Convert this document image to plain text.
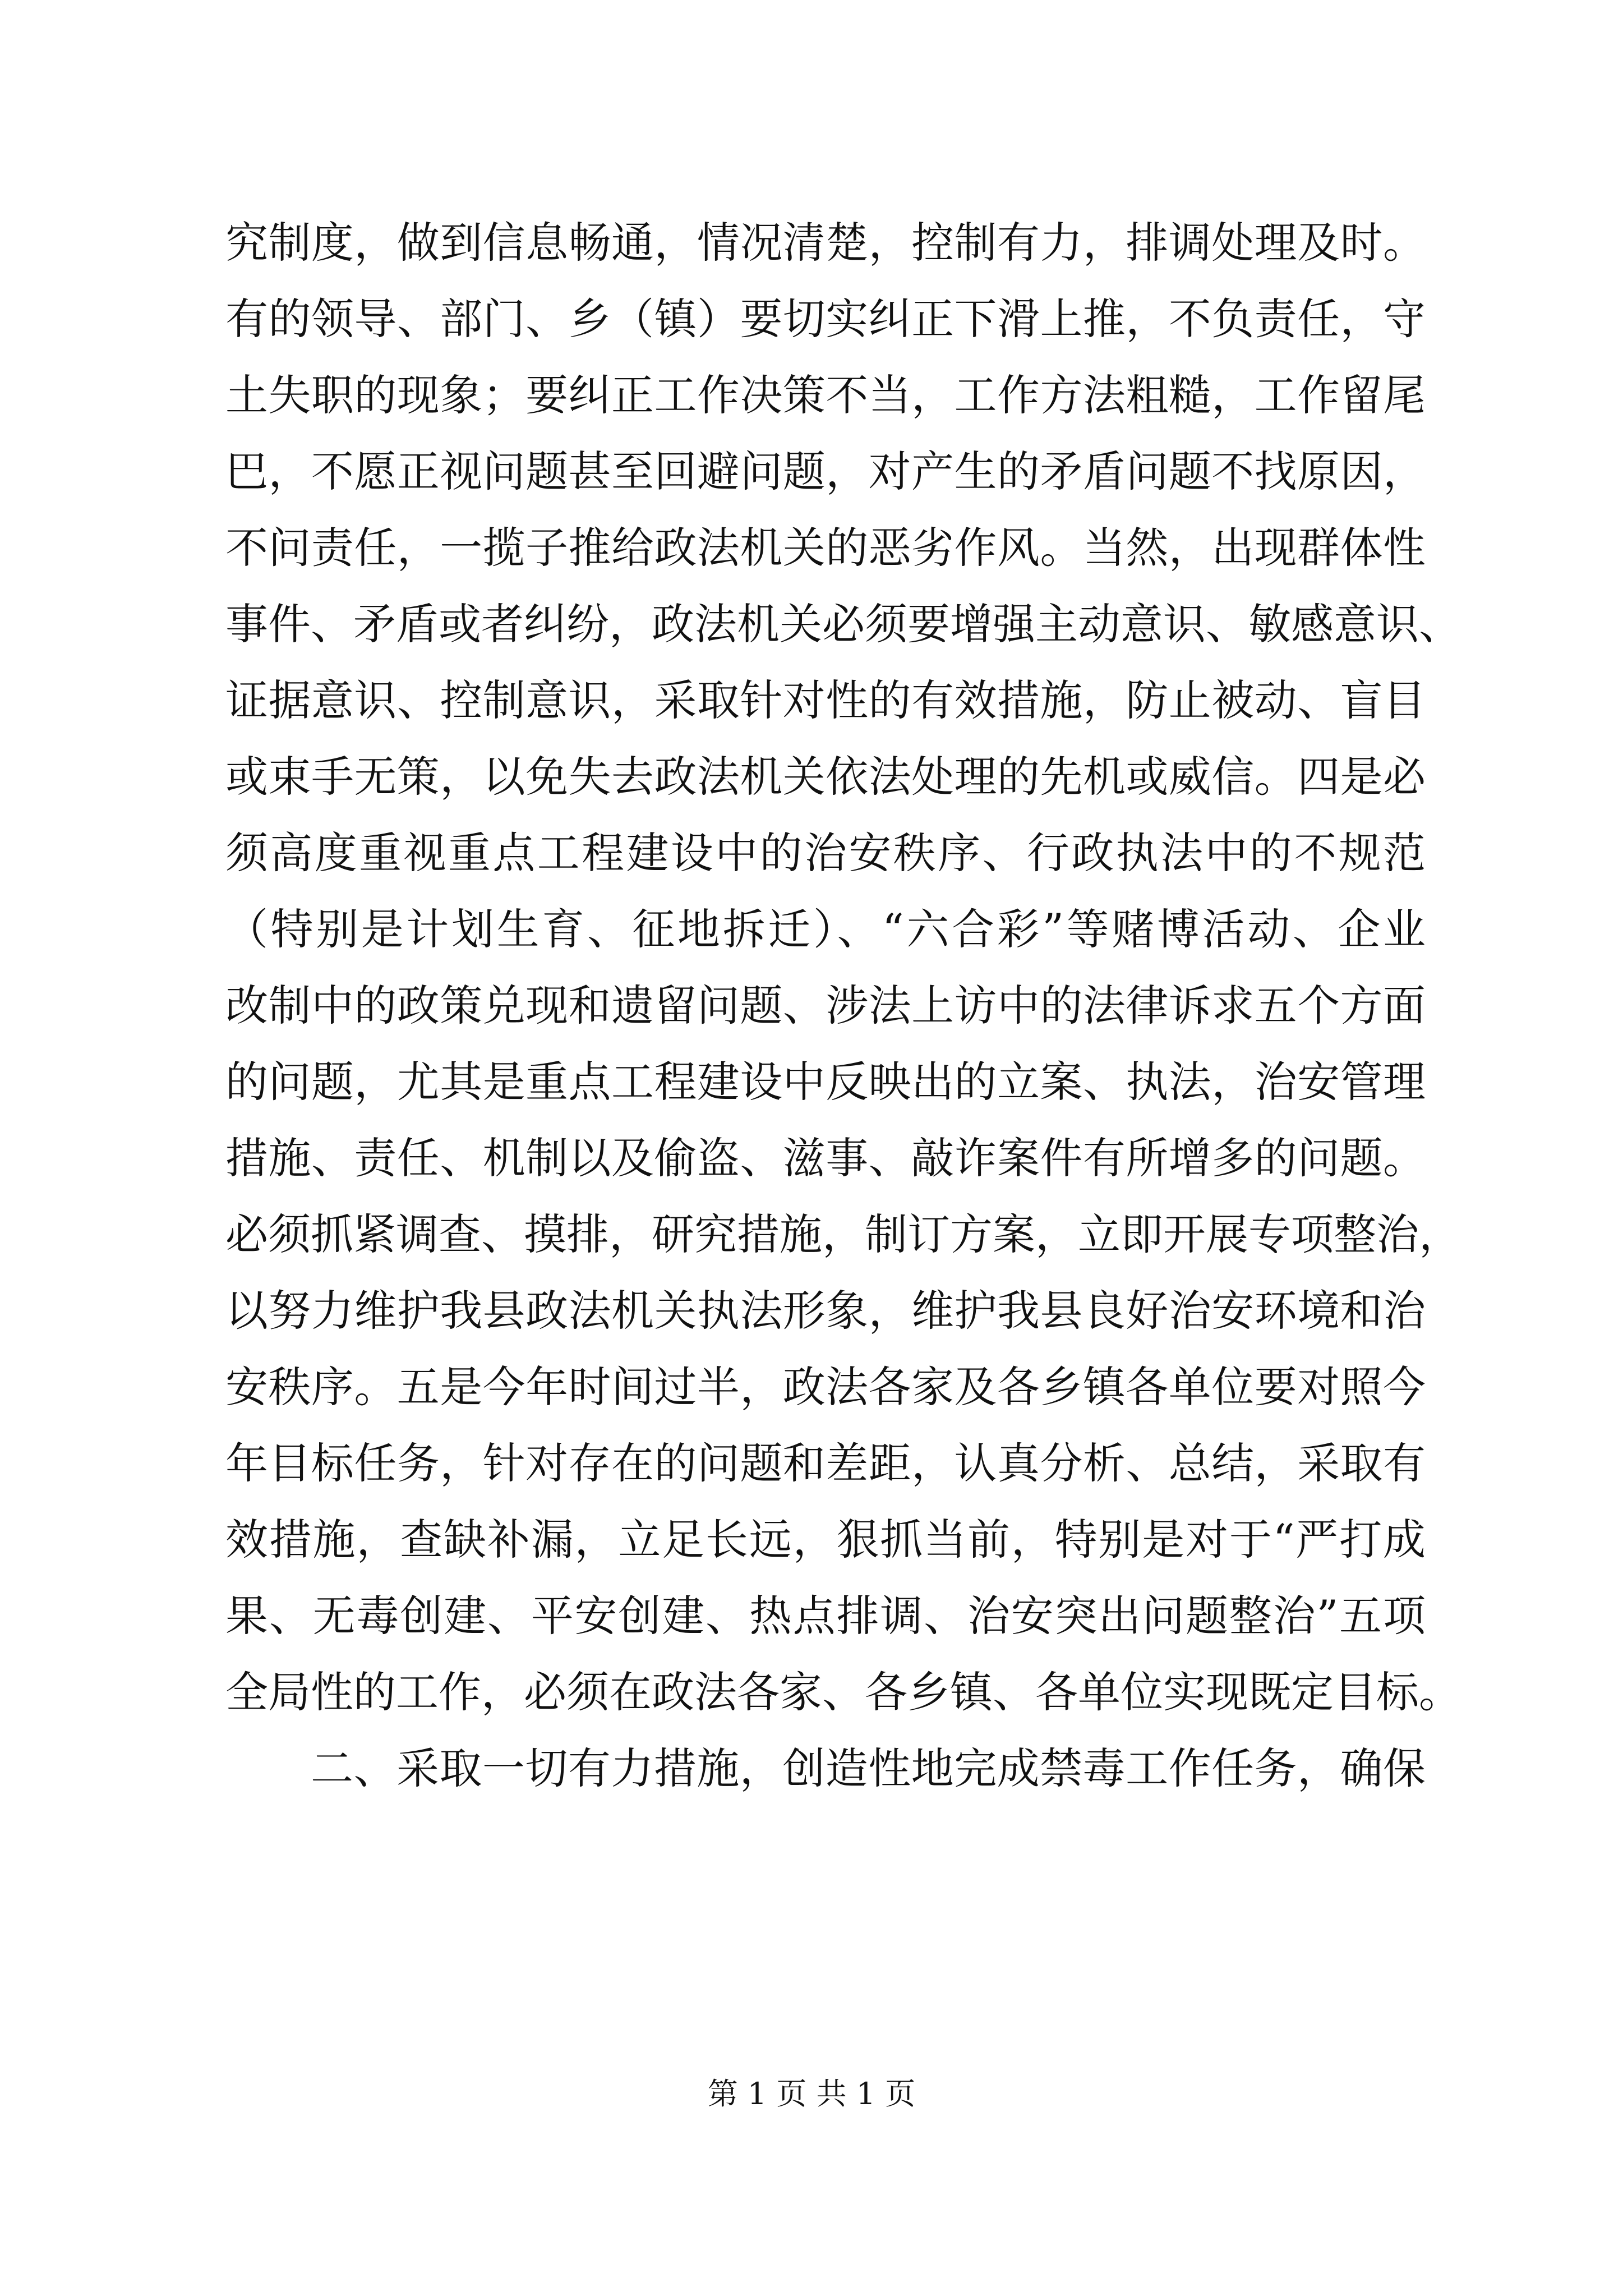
究制度，做到信息畅通，情况清楚，控制有力，排调处理及时。
有的领导、部门、乡（镇）要切实纠正下滑上推，不负责任，守
土失职的现象；要纠正工作决策不当，工作方法粗糙，工作留尾
巴，不愿正视问题甚至回避问题，对产生的矛盾问题不找原因，
不问责任，一揽子推给政法机关的恶劣作风。当然，出现群体性
事件、矛盾或者纠纷，政法机关必须要增强主动意识、敏感意识、
证据意识、控制意识，采取针对性的有效措施，防止被动、盲目
或束手无策，以免失去政法机关依法处理的先机或威信。四是必
须高度重视重点工程建设中的治安秩序、行政执法中的不规范
（特别是计划生育、征地拆迁）、“六合彩”等赌博活动、企业
改制中的政策兑现和遗留问题、涉法上访中的法律诉求五个方面
的问题，尤其是重点工程建设中反映出的立案、执法，治安管理
措施、责任、机制以及偷盗、滋事、敲诈案件有所增多的问题。
必须抓紧调查、摸排，研究措施，制订方案，立即开展专项整治，
以努力维护我县政法机关执法形象，维护我县良好治安环境和治
安秩序。五是今年时间过半，政法各家及各乡镇各单位要对照今
年目标任务，针对存在的问题和差距，认真分析、总结，采取有
效措施，查缺补漏，立足长远，狠抓当前，特别是对于“严打成
果、无毒创建、平安创建、热点排调、治安突出问题整治”五项
全局性的工作，必须在政法各家、各乡镇、各单位实现既定目标。
二、采取一切有力措施，创造性地完成禁毒工作任务，确保
第 1 页 共 1 页
